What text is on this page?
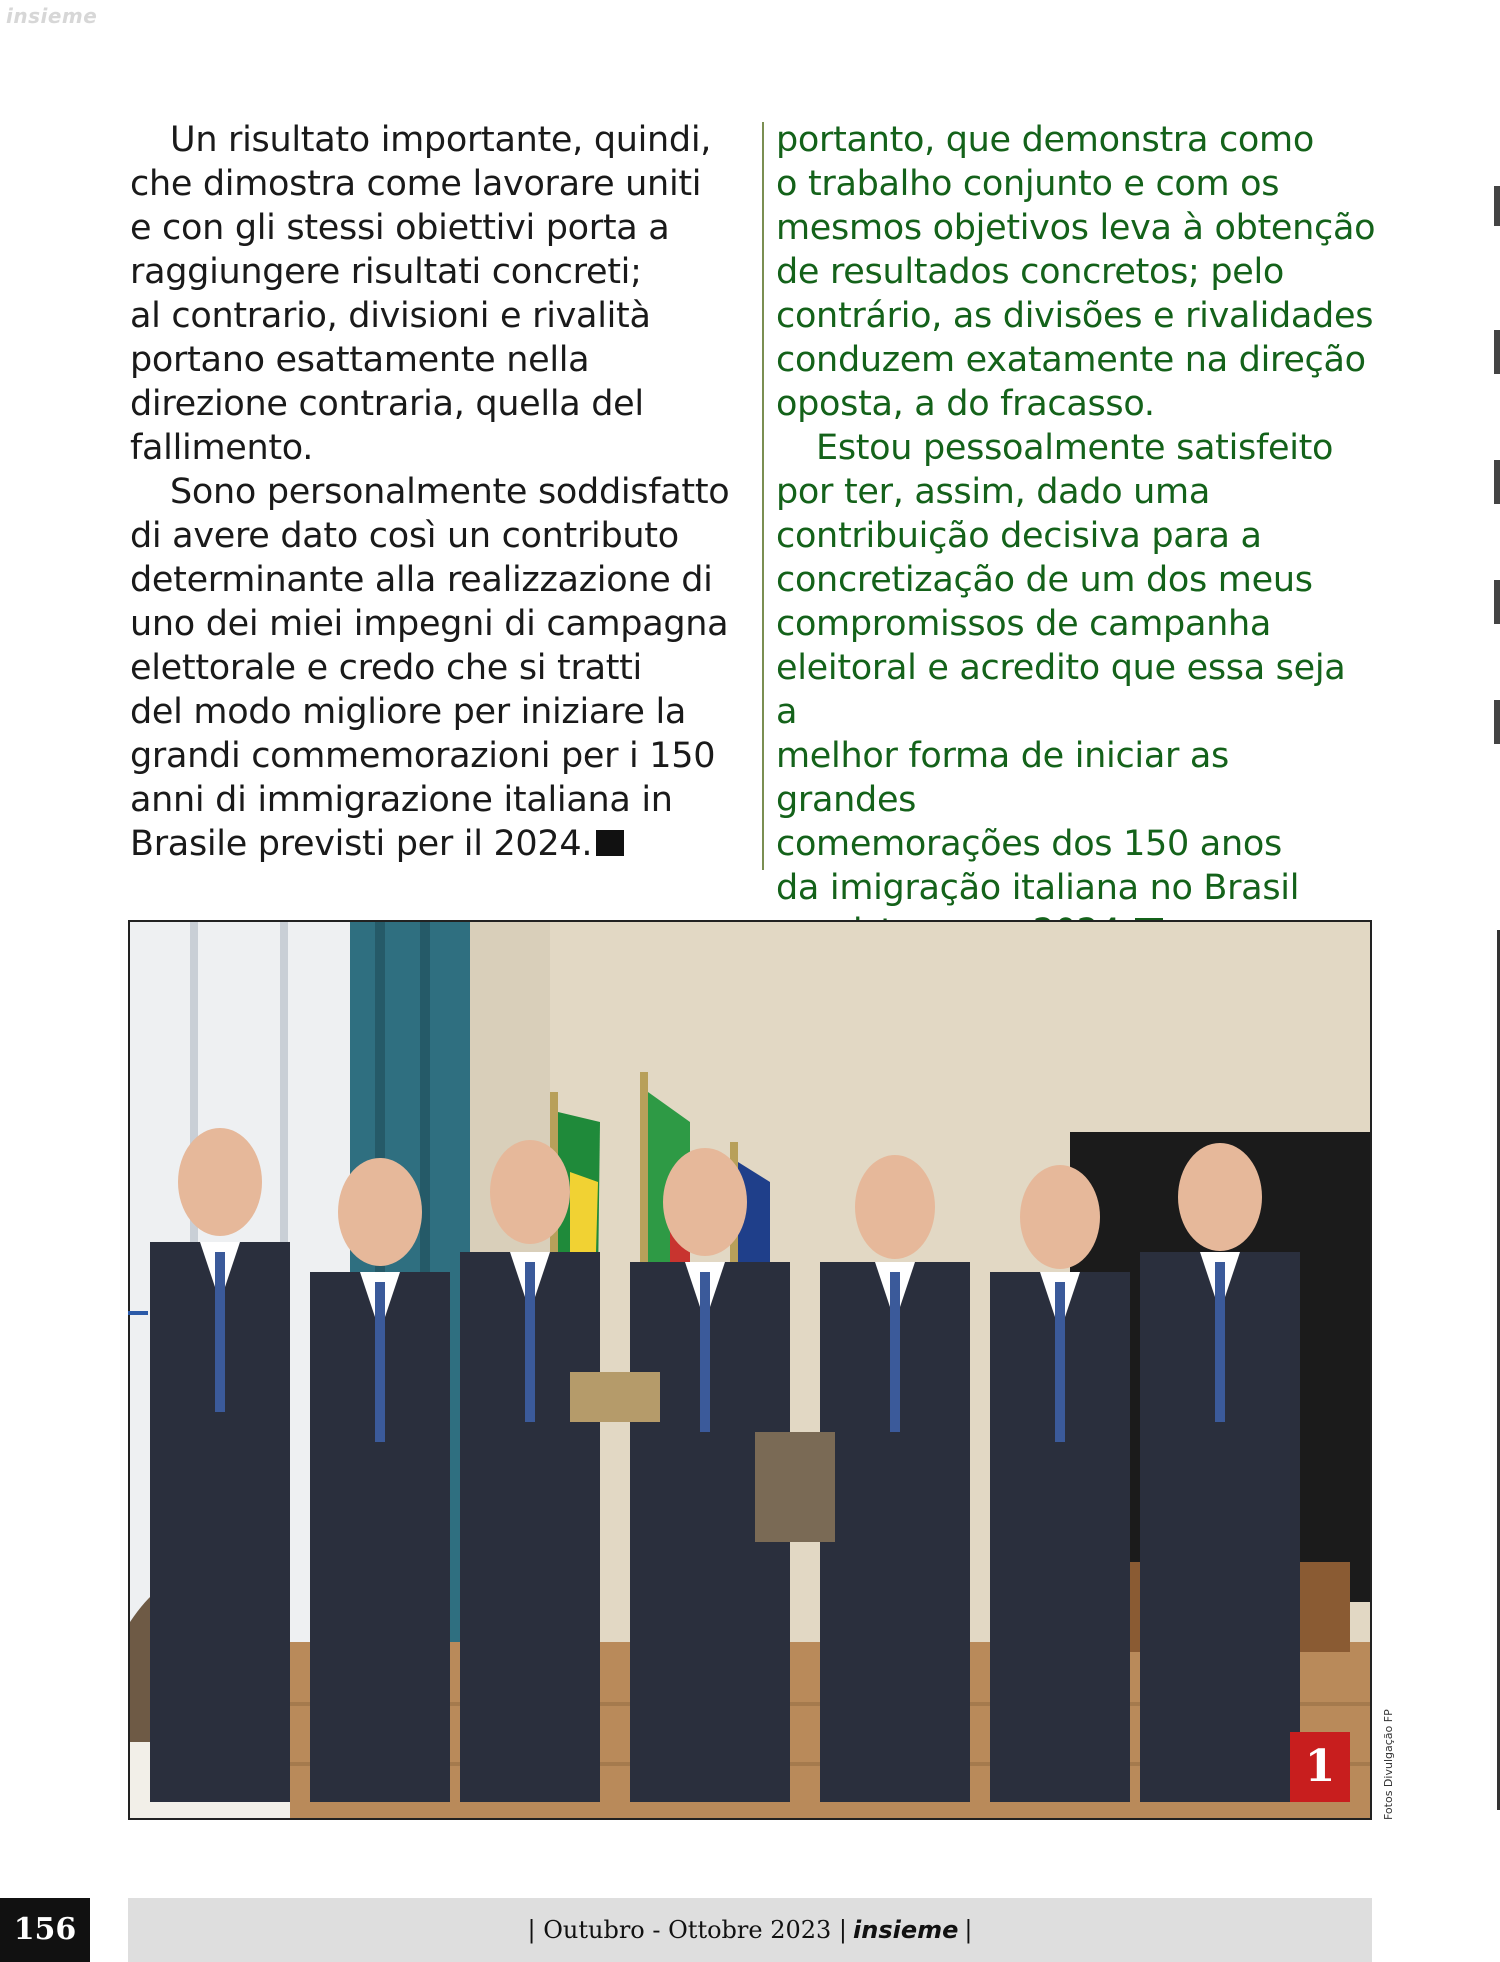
insieme

Un risultato importante, quindi,
che dimostra come lavorare uniti
e con gli stessi obiettivi porta a
raggiungere risultati concreti;
al contrario, divisioni e rivalità
portano esattamente nella
direzione contraria, quella del
fallimento.

Sono personalmente soddisfatto
di avere dato così un contributo
determinante alla realizzazione di
uno dei miei impegni di campagna
elettorale e credo che si tratti
del modo migliore per iniziare la
grandi commemorazioni per i 150
anni di immigrazione italiana in
Brasile previsti per il 2024.

portanto, que demonstra como
o trabalho conjunto e com os
mesmos objetivos leva à obtenção
de resultados concretos; pelo
contrário, as divisões e rivalidades
conduzem exatamente na direção
oposta, a do fracasso.

Estou pessoalmente satisfeito
por ter, assim, dado uma
contribuição decisiva para a
concretização de um dos meus
compromissos de campanha
eleitoral e acredito que essa seja a
melhor forma de iniciar as grandes
comemorações dos 150 anos
da imigração italiana no Brasil

1	Fotos Divulgação FP
156	| Outubro - Ottobre 2023 | insieme |
